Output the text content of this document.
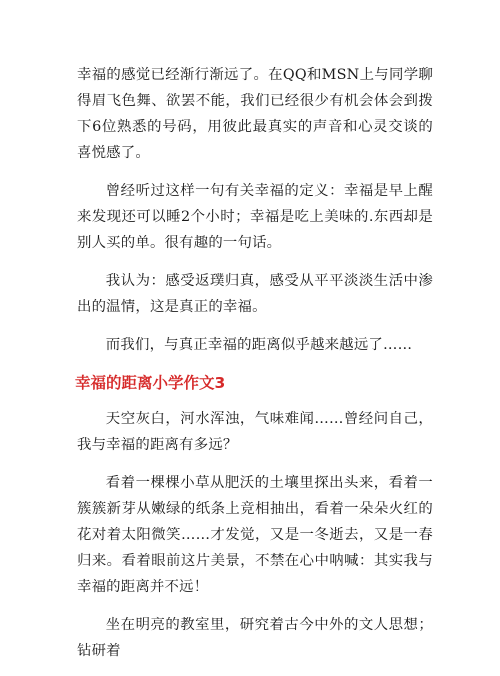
幸福的感觉已经渐行渐远了。在QQ和MSN上与同学聊得眉飞色舞、欲罢不能，我们已经很少有机会体会到拨下6位熟悉的号码，用彼此最真实的声音和心灵交谈的喜悦感了。

曾经听过这样一句有关幸福的定义：幸福是早上醒来发现还可以睡2个小时；幸福是吃上美味的.东西却是别人买的单。很有趣的一句话。

我认为：感受返璞归真，感受从平平淡淡生活中渗出的温情，这是真正的幸福。

而我们，与真正幸福的距离似乎越来越远了……

幸福的距离小学作文3

天空灰白，河水浑浊，气味难闻……曾经问自己，我与幸福的距离有多远？

看着一棵棵小草从肥沃的土壤里探出头来，看着一簇簇新芽从嫩绿的纸条上竞相抽出，看着一朵朵火红的花对着太阳微笑……才发觉，又是一冬逝去，又是一春归来。看着眼前这片美景，不禁在心中呐喊：其实我与幸福的距离并不远！

坐在明亮的教室里，研究着古今中外的文人思想；钻研着
